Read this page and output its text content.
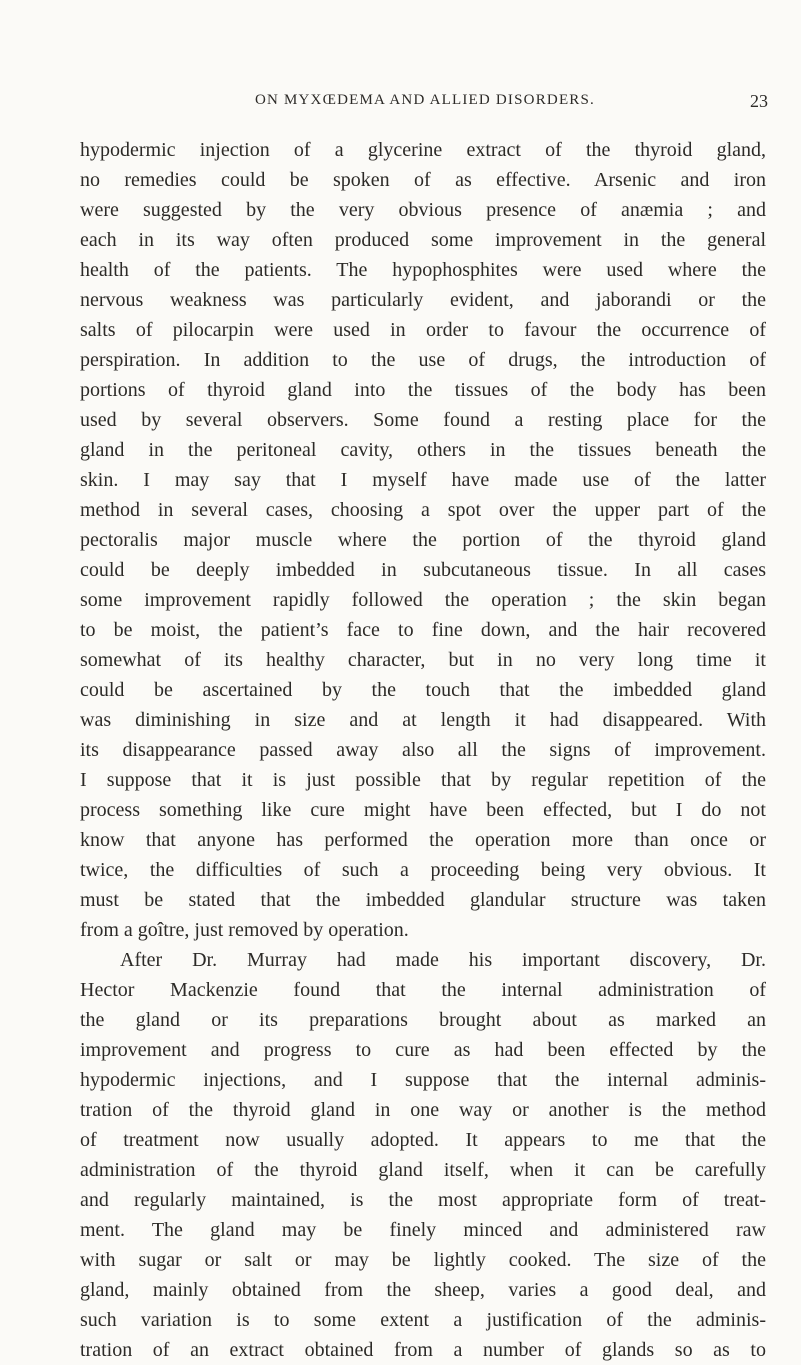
ON MYXŒDEMA AND ALLIED DISORDERS.	23
hypodermic injection of a glycerine extract of the thyroid gland,
no remedies could be spoken of as effective. Arsenic and iron
were suggested by the very obvious presence of anæmia ; and
each in its way often produced some improvement in the general
health of the patients. The hypophosphites were used where the
nervous weakness was particularly evident, and jaborandi or the
salts of pilocarpin were used in order to favour the occurrence of
perspiration. In addition to the use of drugs, the introduction of
portions of thyroid gland into the tissues of the body has been
used by several observers. Some found a resting place for the
gland in the peritoneal cavity, others in the tissues beneath the
skin. I may say that I myself have made use of the latter
method in several cases, choosing a spot over the upper part of the
pectoralis major muscle where the portion of the thyroid gland
could be deeply imbedded in subcutaneous tissue. In all cases
some improvement rapidly followed the operation ; the skin began
to be moist, the patient’s face to fine down, and the hair recovered
somewhat of its healthy character, but in no very long time it
could be ascertained by the touch that the imbedded gland
was diminishing in size and at length it had disappeared. With
its disappearance passed away also all the signs of improvement.
I suppose that it is just possible that by regular repetition of the
process something like cure might have been effected, but I do not
know that anyone has performed the operation more than once or
twice, the difficulties of such a proceeding being very obvious. It
must be stated that the imbedded glandular structure was taken
from a goître, just removed by operation.
After Dr. Murray had made his important discovery, Dr.
Hector Mackenzie found that the internal administration of
the gland or its preparations brought about as marked an
improvement and progress to cure as had been effected by the
hypodermic injections, and I suppose that the internal adminis-
tration of the thyroid gland in one way or another is the method
of treatment now usually adopted. It appears to me that the
administration of the thyroid gland itself, when it can be carefully
and regularly maintained, is the most appropriate form of treat-
ment. The gland may be finely minced and administered raw
with sugar or salt or may be lightly cooked. The size of the
gland, mainly obtained from the sheep, varies a good deal, and
such variation is to some extent a justification of the adminis-
tration of an extract obtained from a number of glands so as to
